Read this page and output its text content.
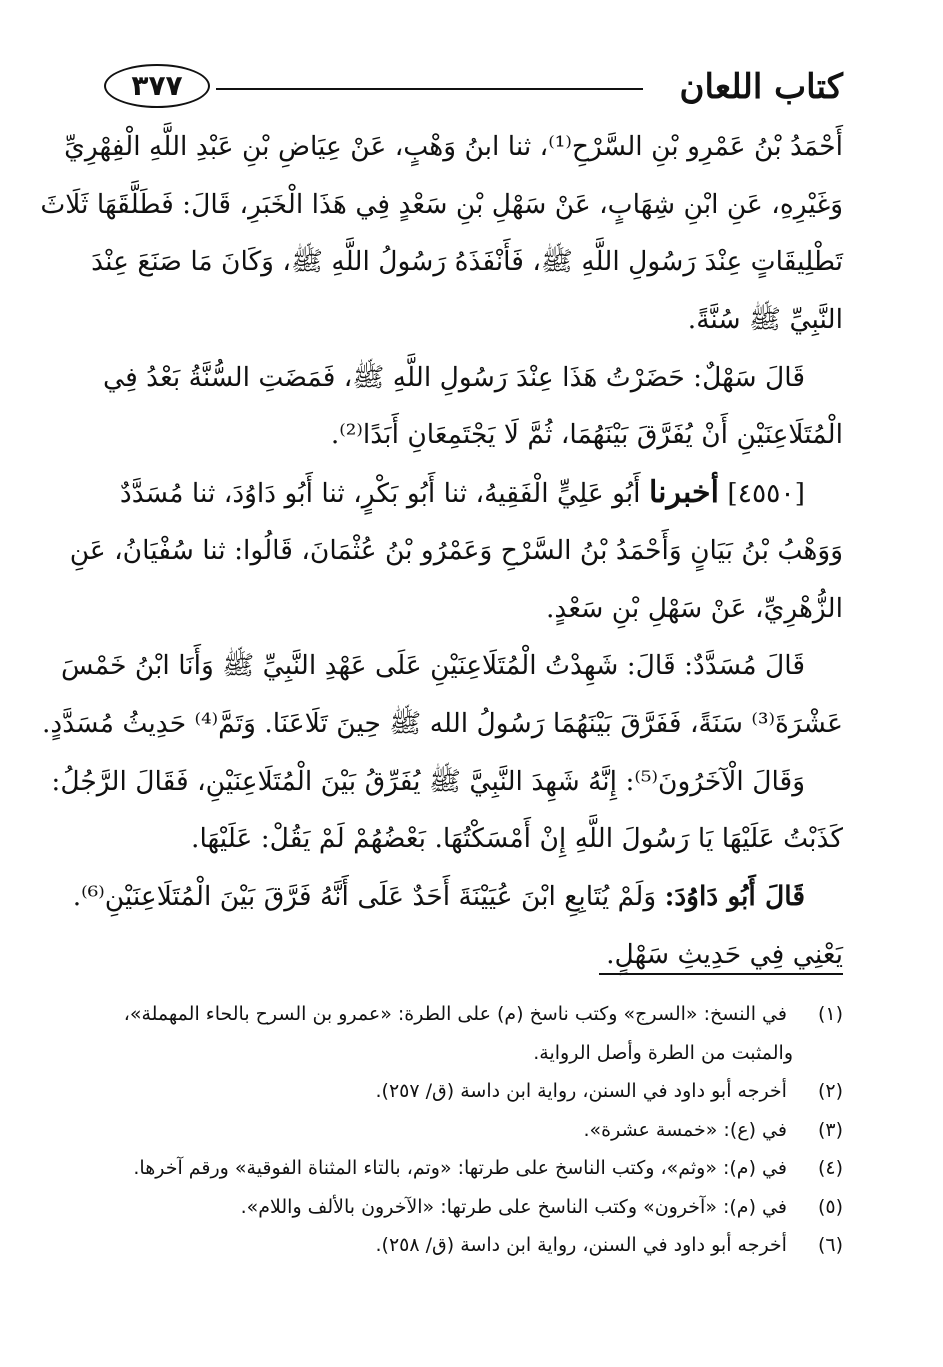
كتاب اللعان
٣٧٧
أَحْمَدُ بْنُ عَمْرِو بْنِ السَّرْحِ⁽¹⁾، ثنا ابنُ وَهْبٍ، عَنْ عِيَاضِ بْنِ عَبْدِ اللَّهِ الْفِهْرِيِّ
وَغَيْرِهِ، عَنِ ابْنِ شِهَابٍ، عَنْ سَهْلِ بْنِ سَعْدٍ فِي هَذَا الْخَبَرِ، قَالَ: فَطَلَّقَهَا ثَلَاثَ
تَطْلِيقَاتٍ عِنْدَ رَسُولِ اللَّهِ ﷺ، فَأَنْفَذَهُ رَسُولُ اللَّهِ ﷺ، وَكَانَ مَا صَنَعَ عِنْدَ
النَّبِيِّ ﷺ سُنَّةً.
قَالَ سَهْلٌ: حَضَرْتُ هَذَا عِنْدَ رَسُولِ اللَّهِ ﷺ، فَمَضَتِ السُّنَّةُ بَعْدُ فِي
الْمُتَلَاعِنَيْنِ أَنْ يُفَرَّقَ بَيْنَهُمَا، ثُمَّ لَا يَجْتَمِعَانِ أَبَدًا⁽²⁾.
[٤٥٥٠] أخبرنا أَبُو عَلِيٍّ الْفَقِيهُ، ثنا أَبُو بَكْرٍ، ثنا أَبُو دَاوُدَ، ثنا مُسَدَّدٌ
وَوَهْبُ بْنُ بَيَانٍ وَأَحْمَدُ بْنُ السَّرْحِ وَعَمْرُو بْنُ عُثْمَانَ، قَالُوا: ثنا سُفْيَانُ، عَنِ
الزُّهْرِيِّ، عَنْ سَهْلِ بْنِ سَعْدٍ.
قَالَ مُسَدَّدٌ: قَالَ: شَهِدْتُ الْمُتَلَاعِنَيْنِ عَلَى عَهْدِ النَّبِيِّ ﷺ وَأَنَا ابْنُ خَمْسَ
عَشْرَةَ⁽³⁾ سَنَةً، فَفَرَّقَ بَيْنَهُمَا رَسُولُ الله ﷺ حِينَ تَلَاعَنَا. وَتَمَّ⁽⁴⁾ حَدِيثُ مُسَدَّدٍ.
وَقَالَ الْآخَرُونَ⁽⁵⁾: إِنَّهُ شَهِدَ النَّبِيَّ ﷺ يُفَرِّقُ بَيْنَ الْمُتَلَاعِنَيْنِ، فَقَالَ الرَّجُلُ:
كَذَبْتُ عَلَيْهَا يَا رَسُولَ اللَّهِ إِنْ أَمْسَكْتُهَا. بَعْضُهُمْ لَمْ يَقُلْ: عَلَيْهَا.
قَالَ أَبُو دَاوُدَ: وَلَمْ يُتَابِعِ ابْنَ عُيَيْنَةَ أَحَدٌ عَلَى أَنَّهُ فَرَّقَ بَيْنَ الْمُتَلَاعِنَيْنِ⁽⁶⁾.
يَعْنِي فِي حَدِيثِ سَهْلٍ.
(١) في النسخ: «السرج» وكتب ناسخ (م) على الطرة: «عمرو بن السرح بالحاء المهملة»،
والمثبت من الطرة وأصل الرواية.
(٢) أخرجه أبو داود في السنن، رواية ابن داسة (ق/ ٢٥٧).
(٣) في (ع): «خمسة عشرة».
(٤) في (م): «وثم»، وكتب الناسخ على طرتها: «وتم، بالتاء المثناة الفوقية» ورقم آخرها.
(٥) في (م): «آخرون» وكتب الناسخ على طرتها: «الآخرون بالألف واللام».
(٦) أخرجه أبو داود في السنن، رواية ابن داسة (ق/ ٢٥٨).
